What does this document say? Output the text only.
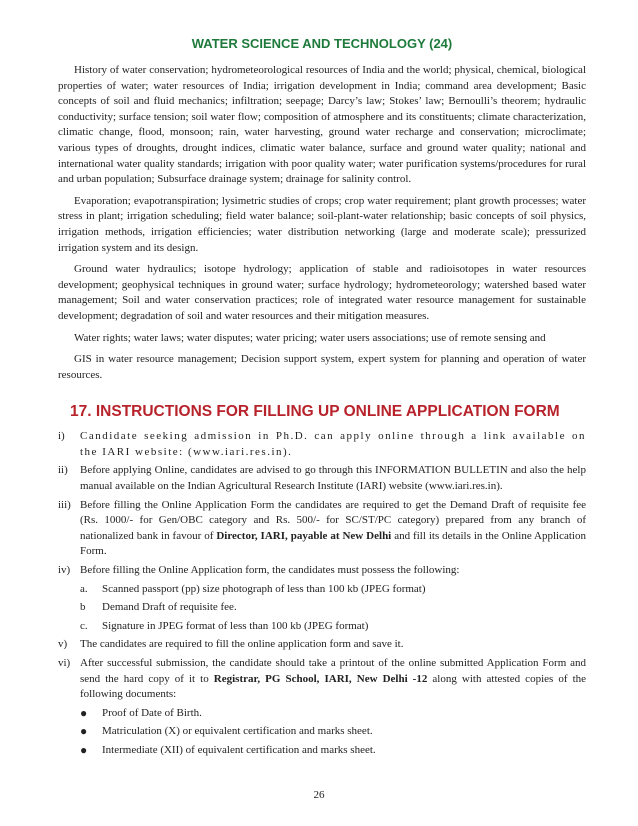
WATER SCIENCE AND TECHNOLOGY (24)

History of water conservation; hydrometeorological resources of India and the world; physical, chemical, biological properties of water; water resources of India; irrigation development in India; command area development; Basic concepts of soil and fluid mechanics; infiltration; seepage; Darcy’s law; Stokes’ law; Bernoulli’s theorem; hydraulic conductivity; surface tension; soil water flow; composition of atmosphere and its constituents; climate characterization, climatic change, flood, monsoon; rain, water harvesting, ground water recharge and conservation; microclimate; various types of droughts, drought indices, climatic water balance, surface and ground water quality; national and international water quality standards; irrigation with poor quality water; water purification systems/procedures for rural and urban population; Subsurface drainage system; drainage for salinity control.

Evaporation; evapotranspiration; lysimetric studies of crops; crop water requirement; plant growth processes; water stress in plant; irrigation scheduling; field water balance; soil-plant-water relationship; basic concepts of soil physics, irrigation methods, irrigation efficiencies; water distribution networking (large and moderate scale); pressurized irrigation system and its design.

Ground water hydraulics; isotope hydrology; application of stable and radioisotopes in water resources development; geophysical techniques in ground water; surface hydrology; hydrometeorology; watershed based water management; Soil and water conservation practices; role of integrated water resource management for sustainable development; degradation of soil and water resources and their mitigation measures.

Water rights; water laws; water disputes; water pricing; water users associations; use of remote sensing and

GIS in water resource management; Decision support system, expert system for planning and operation of water resources.

17. INSTRUCTIONS FOR FILLING UP ONLINE APPLICATION FORM
i)	Candidate seeking admission in Ph.D. can apply online through a link available on the IARI website: (www.iari.res.in).
ii)	Before applying Online, candidates are advised to go through this INFORMATION BULLETIN and also the help manual available on the Indian Agricultural Research Institute (IARI) website (www.iari.res.in).
iii) Before filling the Online Application Form the candidates are required to get the Demand Draft of requisite fee (Rs. 1000/- for Gen/OBC category and Rs. 500/- for SC/ST/PC category) prepared from any branch of nationalized bank in favour of Director, IARI, payable at New Delhi and fill its details in the Online Application Form.
iv) Before filling the Online Application form, the candidates must possess the following:
a.	Scanned passport (pp) size photograph of less than 100 kb (JPEG format)
b	Demand Draft of requisite fee.
c.	Signature in JPEG format of less than 100 kb (JPEG format)
v)	The candidates are required to fill the online application form and save it.
vi) After successful submission, the candidate should take a printout of the online submitted Application Form and send the hard copy of it to Registrar, PG School, IARI, New Delhi -12 along with attested copies of the following documents:
●	Proof of Date of Birth.
●	Matriculation (X) or equivalent certification and marks sheet.
●	Intermediate (XII) of equivalent certification and marks sheet.
26
